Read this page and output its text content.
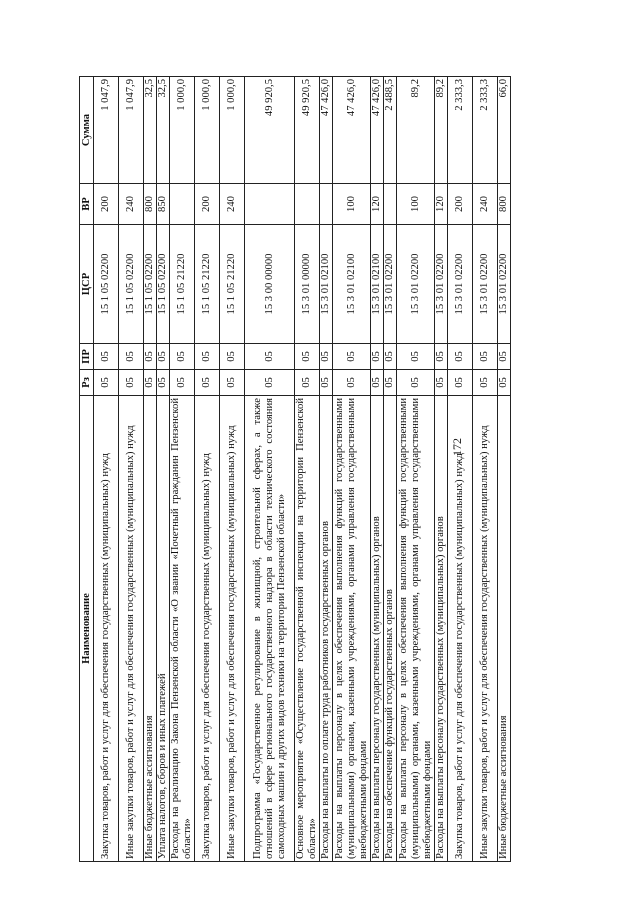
172
Наименование	Рз	ПР	ЦСР	ВР	Сумма
Закупка товаров, работ и услуг для обеспечения государственных (муниципальных) нужд	05	05	15 1 05 02200	200	1 047,9
Иные закупки товаров, работ и услуг для обеспечения государственных (муниципальных) нужд	05	05	15 1 05 02200	240	1 047,9
Иные бюджетные ассигнования	05	05	15 1 05 02200	800	32,5
Уплата налогов, сборов и иных платежей	05	05	15 1 05 02200	850	32,5
Расходы на реализацию Закона Пензенской области «О звании «Почетный гражданин Пензенской области»	05	05	15 1 05 21220		1 000,0
Закупка товаров, работ и услуг для обеспечения государственных (муниципальных) нужд	05	05	15 1 05 21220	200	1 000,0
Иные закупки товаров, работ и услуг для обеспечения государственных (муниципальных) нужд	05	05	15 1 05 21220	240	1 000,0
Подпрограмма «Государственное регулирование в жилищной, строительной сферах, а также отношений в сфере регионального государственного надзора в области технического состояния самоходных машин и других видов техники на территории Пензенской области»	05	05	15 3 00 00000		49 920,5
Основное мероприятие «Осуществление государственной инспекции на территории Пензенской области»	05	05	15 3 01 00000		49 920,5
Расходы на выплаты по оплате труда работников государственных органов	05	05	15 3 01 02100		47 426,0
Расходы на выплаты персоналу в целях обеспечения выполнения функций государственными (муниципальными) органами, казенными учреждениями, органами управления государственными внебюджетными фондами	05	05	15 3 01 02100	100	47 426,0
Расходы на выплаты персоналу государственных (муниципальных) органов	05	05	15 3 01 02100	120	47 426,0
Расходы на обеспечение функций государственных органов	05	05	15 3 01 02200		2 488,5
Расходы на выплаты персоналу в целях обеспечения выполнения функций государственными (муниципальными) органами, казенными учреждениями, органами управления государственными внебюджетными фондами	05	05	15 3 01 02200	100	89,2
Расходы на выплаты персоналу государственных (муниципальных) органов	05	05	15 3 01 02200	120	89,2
Закупка товаров, работ и услуг для обеспечения государственных (муниципальных) нужд	05	05	15 3 01 02200	200	2 333,3
Иные закупки товаров, работ и услуг для обеспечения государственных (муниципальных) нужд	05	05	15 3 01 02200	240	2 333,3
Иные бюджетные ассигнования	05	05	15 3 01 02200	800	66,0
